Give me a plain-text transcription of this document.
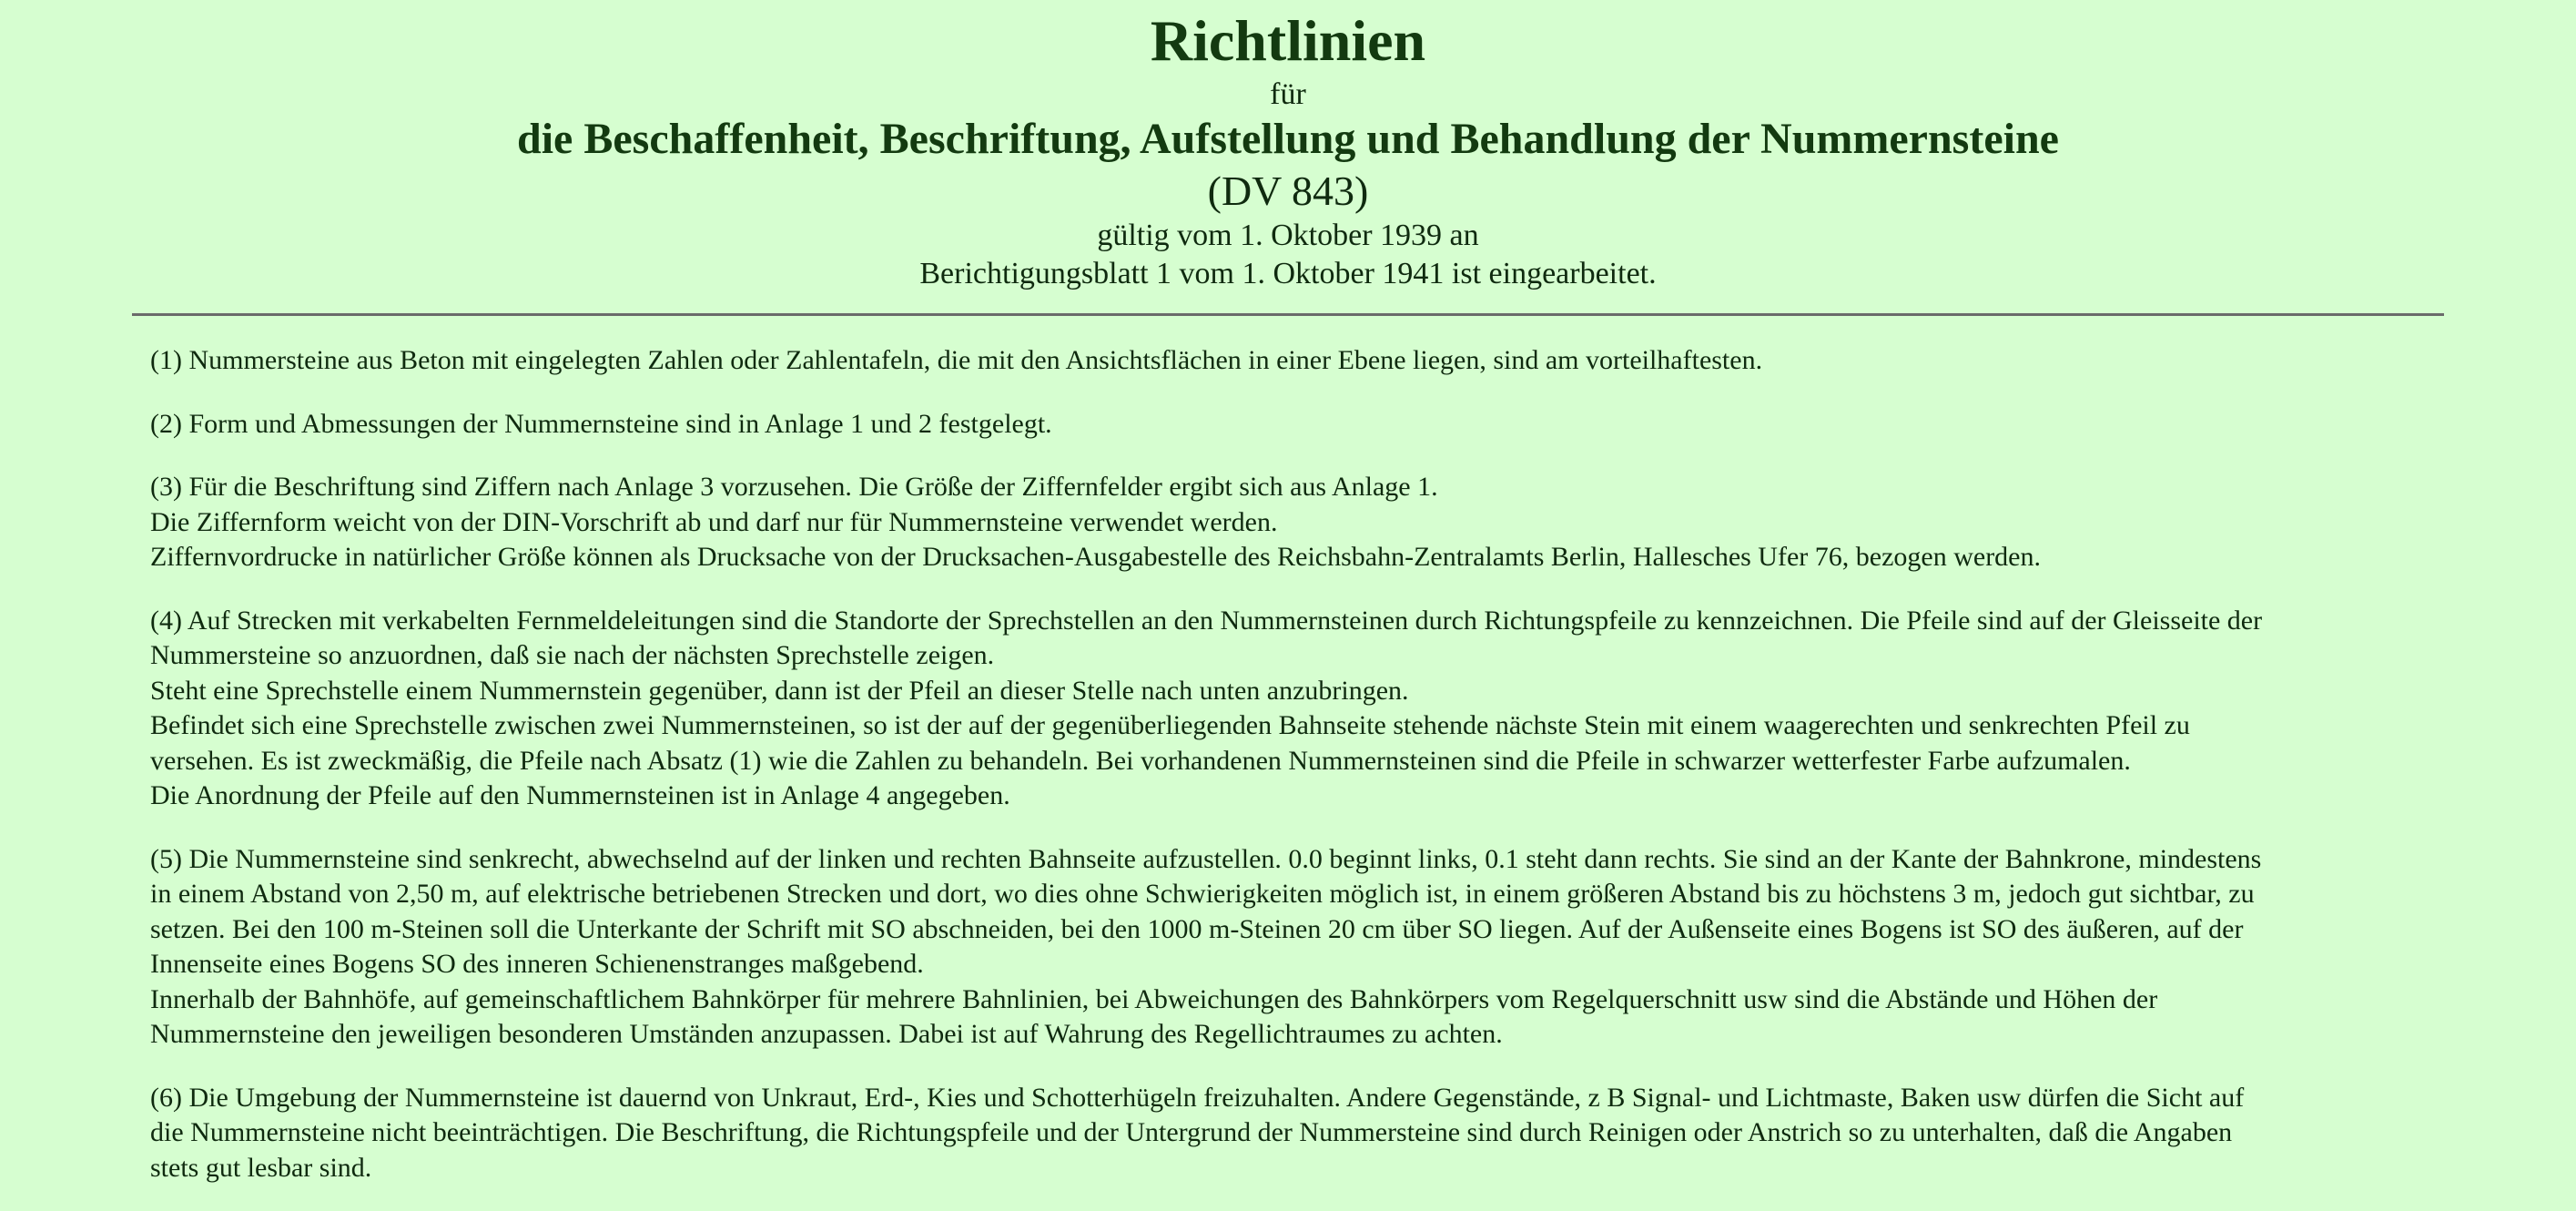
Richtlinien

für

die Beschaffenheit, Beschriftung, Aufstellung und Behandlung der Nummernsteine

(DV 843)

gültig vom 1. Oktober 1939 an

Berichtigungsblatt 1 vom 1. Oktober 1941 ist eingearbeitet.

(1) Nummersteine aus Beton mit eingelegten Zahlen oder Zahlentafeln, die mit den Ansichtsflächen in einer Ebene liegen, sind am vorteilhaftesten.

(2) Form und Abmessungen der Nummernsteine sind in Anlage 1 und 2 festgelegt.

(3) Für die Beschriftung sind Ziffern nach Anlage 3 vorzusehen. Die Größe der Ziffernfelder ergibt sich aus Anlage 1.
Die Ziffernform weicht von der DIN-Vorschrift ab und darf nur für Nummernsteine verwendet werden.
Ziffernvordrucke in natürlicher Größe können als Drucksache von der Drucksachen-Ausgabestelle des Reichsbahn-Zentralamts Berlin, Hallesches Ufer 76, bezogen werden.

(4) Auf Strecken mit verkabelten Fernmeldeleitungen sind die Standorte der Sprechstellen an den Nummernsteinen durch Richtungspfeile zu kennzeichnen. Die Pfeile sind auf der Gleisseite der
Nummersteine so anzuordnen, daß sie nach der nächsten Sprechstelle zeigen.
Steht eine Sprechstelle einem Nummernstein gegenüber, dann ist der Pfeil an dieser Stelle nach unten anzubringen.
Befindet sich eine Sprechstelle zwischen zwei Nummernsteinen, so ist der auf der gegenüberliegenden Bahnseite stehende nächste Stein mit einem waagerechten und senkrechten Pfeil zu
versehen. Es ist zweckmäßig, die Pfeile nach Absatz (1) wie die Zahlen zu behandeln. Bei vorhandenen Nummernsteinen sind die Pfeile in schwarzer wetterfester Farbe aufzumalen.
Die Anordnung der Pfeile auf den Nummernsteinen ist in Anlage 4 angegeben.

(5) Die Nummernsteine sind senkrecht, abwechselnd auf der linken und rechten Bahnseite aufzustellen. 0.0 beginnt links, 0.1 steht dann rechts. Sie sind an der Kante der Bahnkrone, mindestens
in einem Abstand von 2,50 m, auf elektrische betriebenen Strecken und dort, wo dies ohne Schwierigkeiten möglich ist, in einem größeren Abstand bis zu höchstens 3 m, jedoch gut sichtbar, zu
setzen. Bei den 100 m-Steinen soll die Unterkante der Schrift mit SO abschneiden, bei den 1000 m-Steinen 20 cm über SO liegen. Auf der Außenseite eines Bogens ist SO des äußeren, auf der
Innenseite eines Bogens SO des inneren Schienenstranges maßgebend.
Innerhalb der Bahnhöfe, auf gemeinschaftlichem Bahnkörper für mehrere Bahnlinien, bei Abweichungen des Bahnkörpers vom Regelquerschnitt usw sind die Abstände und Höhen der
Nummernsteine den jeweiligen besonderen Umständen anzupassen. Dabei ist auf Wahrung des Regellichtraumes zu achten.

(6) Die Umgebung der Nummernsteine ist dauernd von Unkraut, Erd-, Kies und Schotterhügeln freizuhalten. Andere Gegenstände, z B Signal- und Lichtmaste, Baken usw dürfen die Sicht auf
die Nummernsteine nicht beeinträchtigen. Die Beschriftung, die Richtungspfeile und der Untergrund der Nummersteine sind durch Reinigen oder Anstrich so zu unterhalten, daß die Angaben
stets gut lesbar sind.
